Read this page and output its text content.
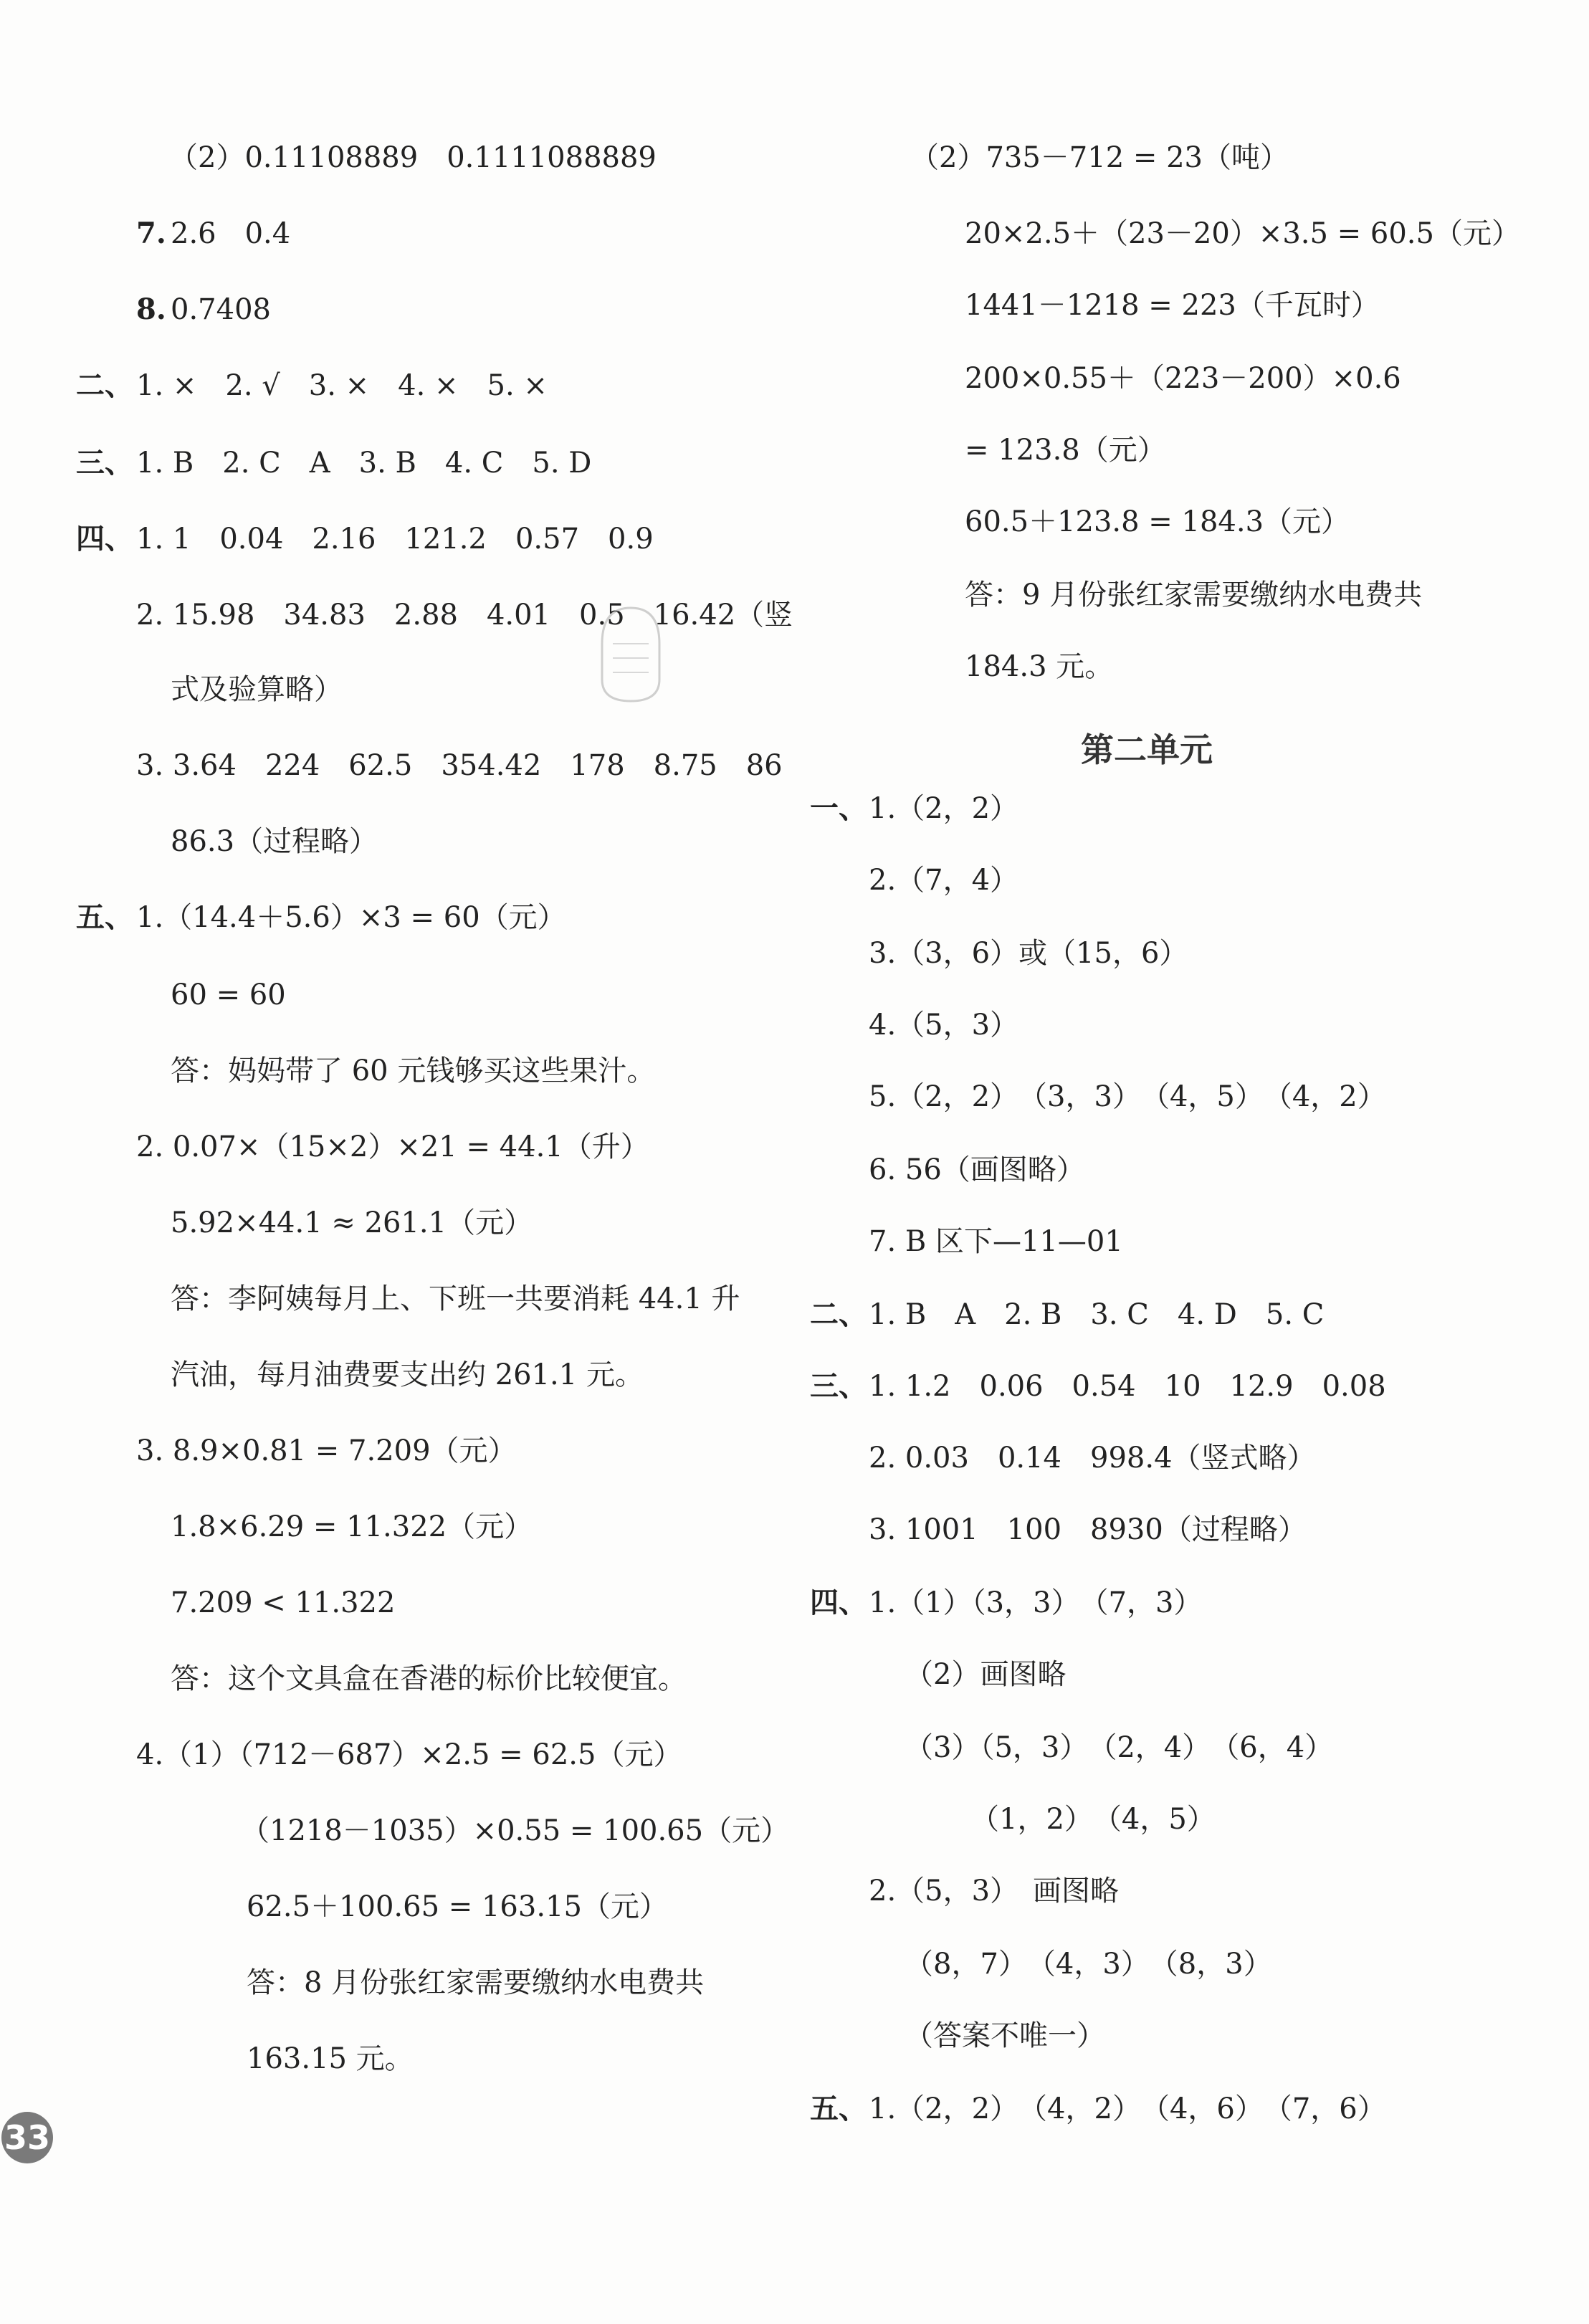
（2）0.11108889　0.1111088889
7. 2.6　0.4
8. 0.7408
二、 1. ×　2. √　3. ×　4. ×　5. ×
三、 1. B　2. C　A　3. B　4. C　5. D
四、 1. 1　0.04　2.16　121.2　0.57　0.9
2. 15.98　34.83　2.88　4.01　0.5　16.42（竖
式及验算略）
3. 3.64　224　62.5　354.42　178　8.75　86
86.3（过程略）
五、 1.（14.4＋5.6）×3 = 60（元）
60 = 60
答：妈妈带了 60 元钱够买这些果汁。
2. 0.07×（15×2）×21 = 44.1（升）
5.92×44.1 ≈ 261.1（元）
答：李阿姨每月上、下班一共要消耗 44.1 升
汽油，每月油费要支出约 261.1 元。
3. 8.9×0.81 = 7.209（元）
1.8×6.29 = 11.322（元）
7.209 < 11.322
答：这个文具盒在香港的标价比较便宜。
4.（1）（712－687）×2.5 = 62.5（元）
（1218－1035）×0.55 = 100.65（元）
62.5＋100.65 = 163.15（元）
答：8 月份张红家需要缴纳水电费共
163.15 元。
（2）735－712 = 23（吨）
20×2.5＋（23－20）×3.5 = 60.5（元）
1441－1218 = 223（千瓦时）
200×0.55＋（223－200）×0.6
= 123.8（元）
60.5＋123.8 = 184.3（元）
答：9 月份张红家需要缴纳水电费共
184.3 元。
第二单元
一、 1.（2，2）
2.（7，4）
3.（3，6）或（15，6）
4.（5，3）
5.（2，2）　（3，3）　（4，5）　（4，2）
6. 56（画图略）
7. B 区下—11—01
二、 1. B　A　2. B　3. C　4. D　5. C
三、 1. 1.2　0.06　0.54　10　12.9　0.08
2. 0.03　0.14　998.4（竖式略）
3. 1001　100　8930（过程略）
四、 1.（1）（3，3）　（7，3）
（2）画图略
（3）（5，3）　（2，4）　（6，4）
（1，2）　（4，5）
2.（5，3）　画图略
（8，7）　（4，3）　（8，3）
（答案不唯一）
五、 1.（2，2）　（4，2）　（4，6）　（7，6）
33
